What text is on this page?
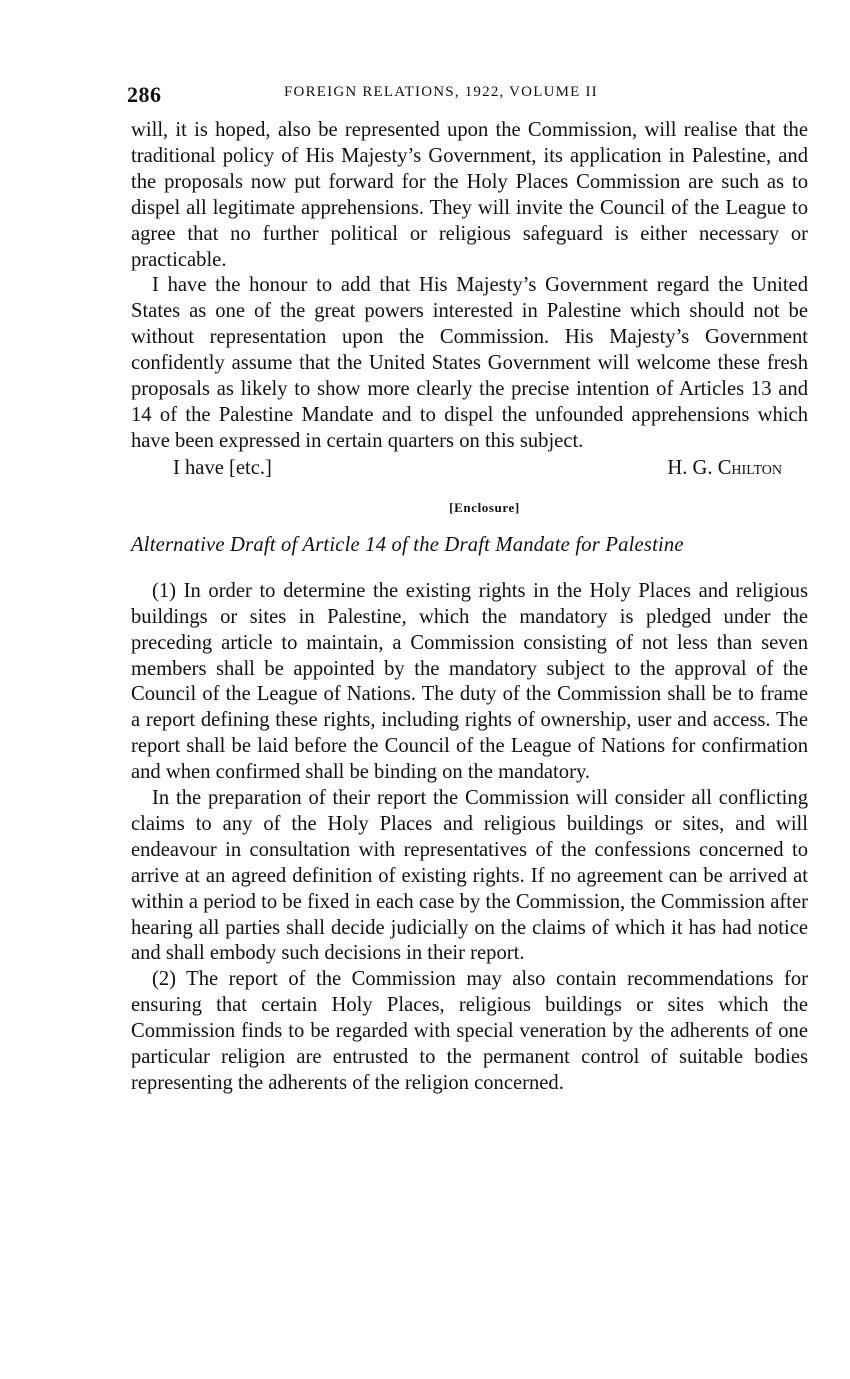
286	FOREIGN RELATIONS, 1922, VOLUME II

will, it is hoped, also be represented upon the Commission, will realise that the traditional policy of His Majesty’s Government, its application in Palestine, and the proposals now put forward for the Holy Places Commission are such as to dispel all legitimate apprehensions. They will invite the Council of the League to agree that no further political or religious safeguard is either necessary or practicable.

I have the honour to add that His Majesty’s Government regard the United States as one of the great powers interested in Palestine which should not be without representation upon the Commission. His Majesty’s Government confidently assume that the United States Government will welcome these fresh proposals as likely to show more clearly the precise intention of Articles 13 and 14 of the Palestine Mandate and to dispel the unfounded apprehensions which have been expressed in certain quarters on this subject.

I have [etc.]	H. G. Chilton
[Enclosure]
Alternative Draft of Article 14 of the Draft Mandate for Palestine

(1) In order to determine the existing rights in the Holy Places and religious buildings or sites in Palestine, which the mandatory is pledged under the preceding article to maintain, a Commission consisting of not less than seven members shall be appointed by the mandatory subject to the approval of the Council of the League of Nations. The duty of the Commission shall be to frame a report defining these rights, including rights of ownership, user and access. The report shall be laid before the Council of the League of Nations for confirmation and when confirmed shall be binding on the mandatory.

In the preparation of their report the Commission will consider all conflicting claims to any of the Holy Places and religious buildings or sites, and will endeavour in consultation with representatives of the confessions concerned to arrive at an agreed definition of existing rights. If no agreement can be arrived at within a period to be fixed in each case by the Commission, the Commission after hearing all parties shall decide judicially on the claims of which it has had notice and shall embody such decisions in their report.

(2) The report of the Commission may also contain recommendations for ensuring that certain Holy Places, religious buildings or sites which the Commission finds to be regarded with special veneration by the adherents of one particular religion are entrusted to the permanent control of suitable bodies representing the adherents of the religion concerned.
